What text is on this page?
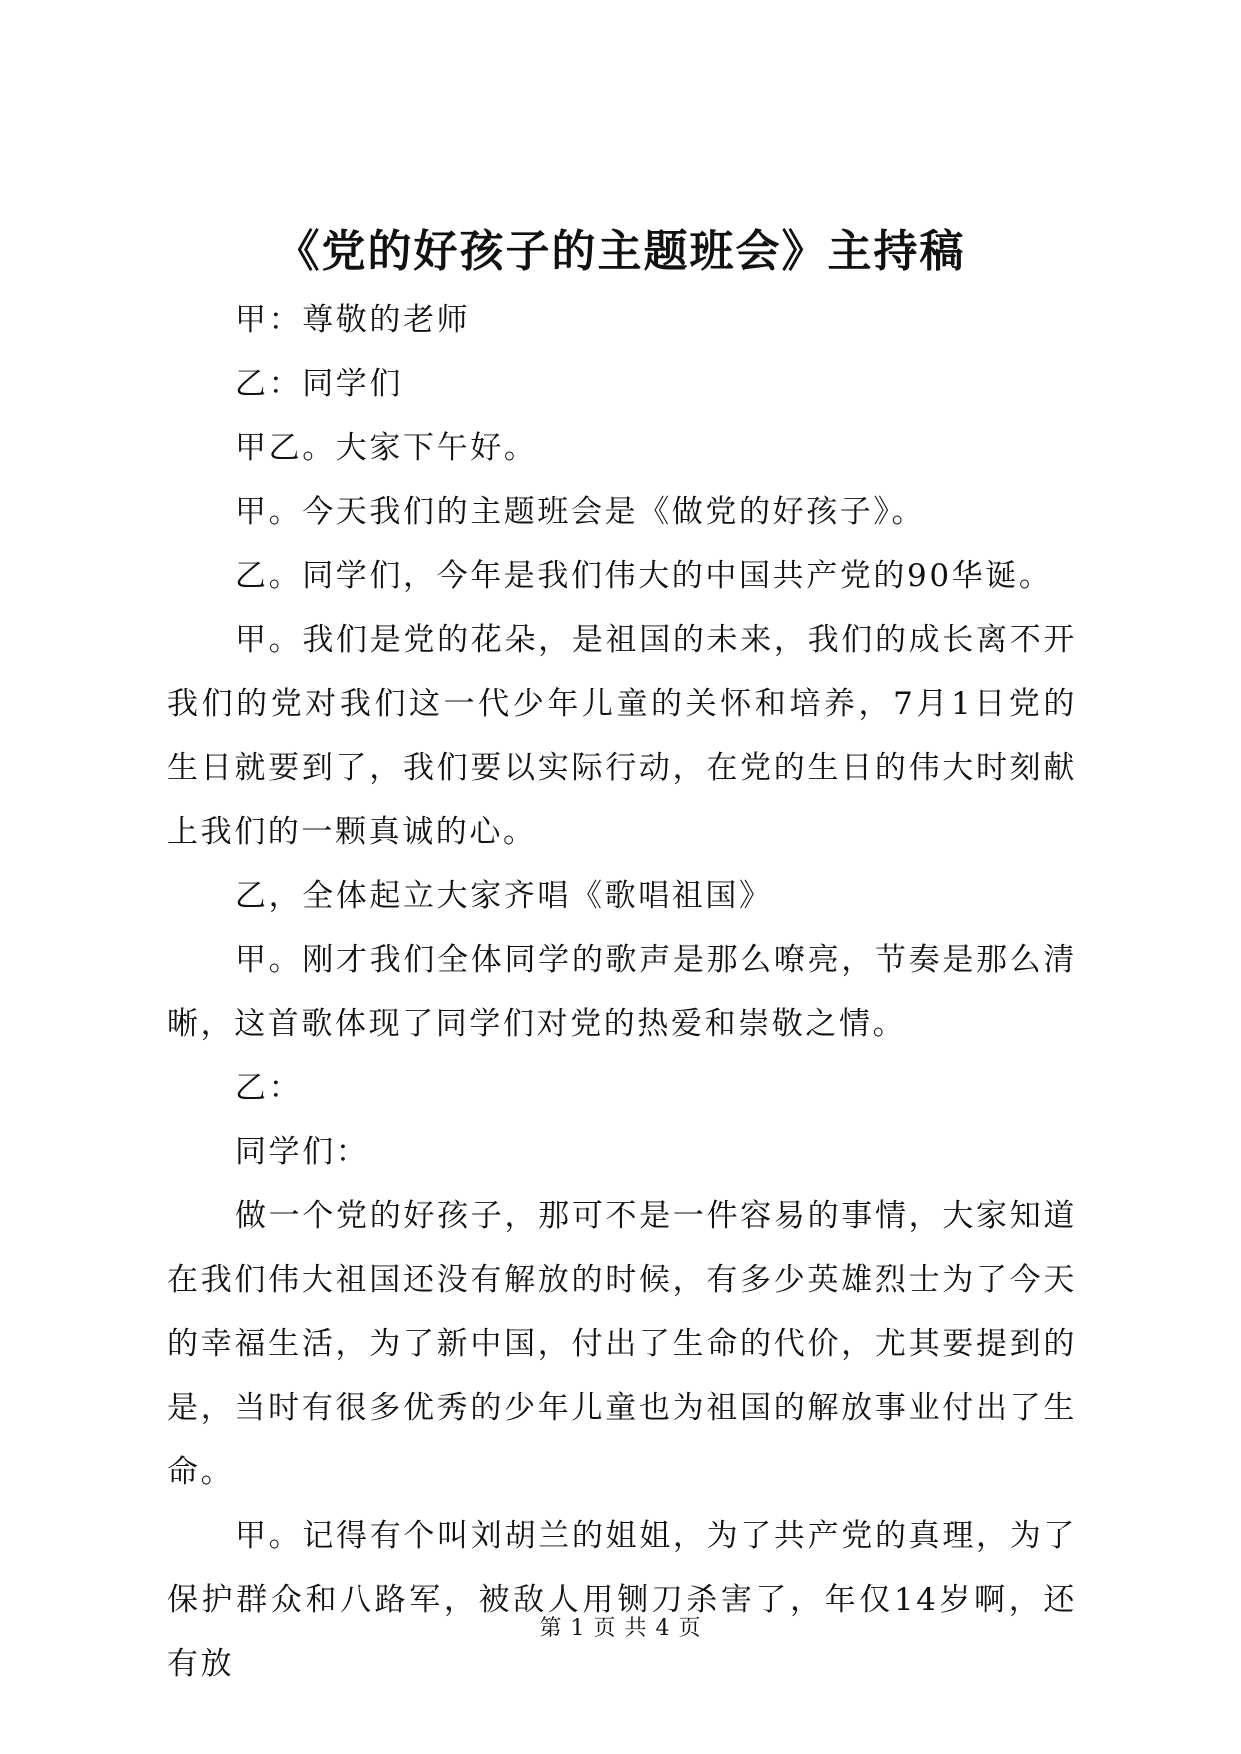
《党的好孩子的主题班会》主持稿

甲：尊敬的老师

乙：同学们

甲乙。大家下午好。

甲。今天我们的主题班会是《做党的好孩子》。

乙。同学们，今年是我们伟大的中国共产党的90华诞。

甲。我们是党的花朵，是祖国的未来，我们的成长离不开我们的党对我们这一代少年儿童的关怀和培养，7月1日党的生日就要到了，我们要以实际行动，在党的生日的伟大时刻献上我们的一颗真诚的心。

乙，全体起立大家齐唱《歌唱祖国》

甲。刚才我们全体同学的歌声是那么嘹亮，节奏是那么清晰，这首歌体现了同学们对党的热爱和崇敬之情。

乙：

同学们：

做一个党的好孩子，那可不是一件容易的事情，大家知道在我们伟大祖国还没有解放的时候，有多少英雄烈士为了今天的幸福生活，为了新中国，付出了生命的代价，尤其要提到的是，当时有很多优秀的少年儿童也为祖国的解放事业付出了生命。

甲。记得有个叫刘胡兰的姐姐，为了共产党的真理，为了保护群众和八路军，被敌人用铡刀杀害了，年仅14岁啊，还有放

第 1 页 共 4 页
